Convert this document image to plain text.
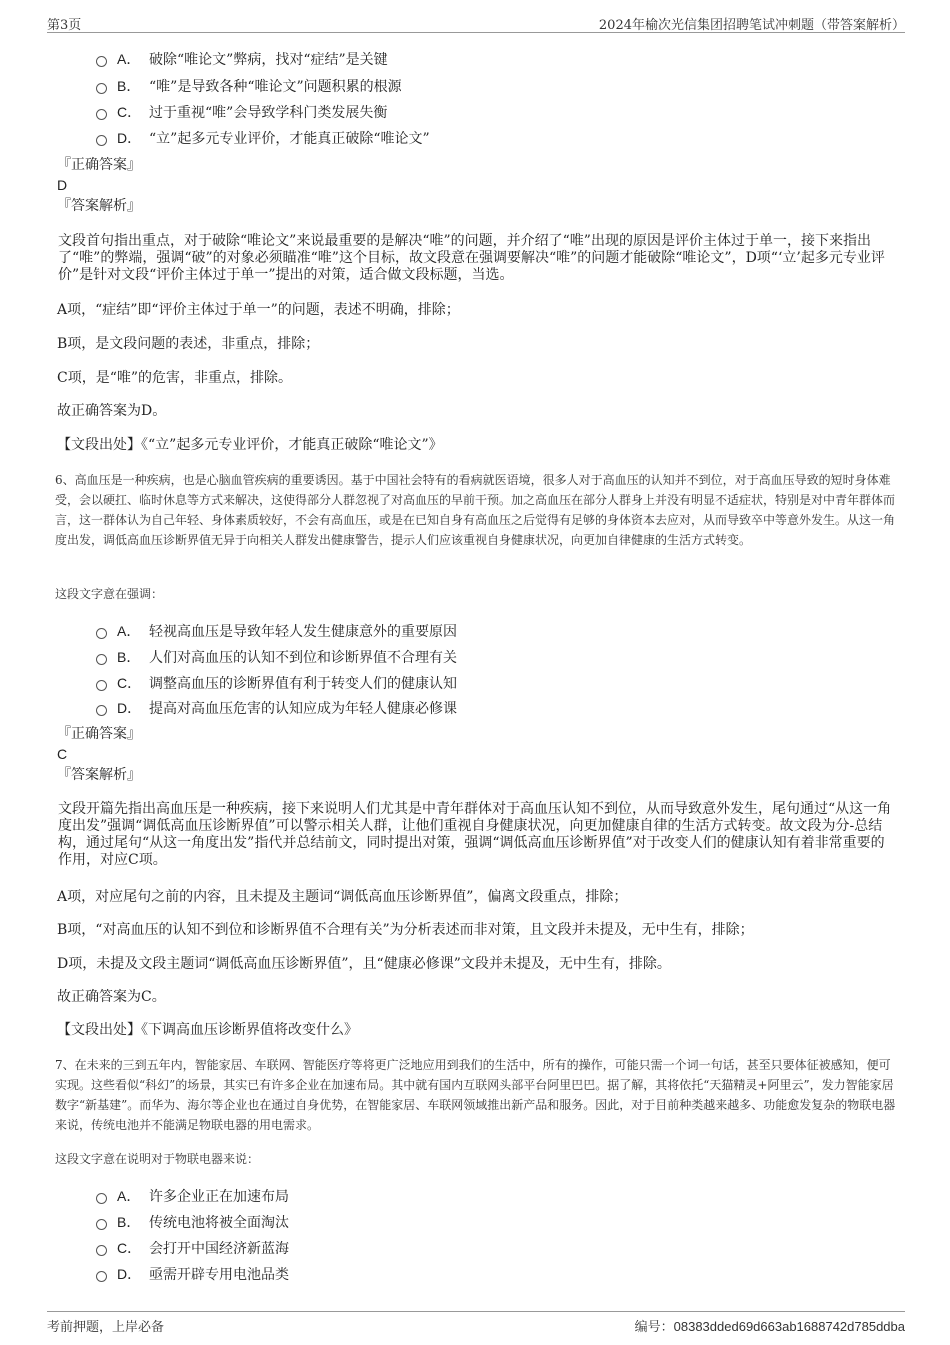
第3页	2024年榆次光信集团招聘笔试冲刺题（带答案解析）
A． 破除“唯论文”弊病，找对“症结”是关键
B． “唯”是导致各种“唯论文”问题积累的根源
C． 过于重视“唯”会导致学科门类发展失衡
D． “立”起多元专业评价，才能真正破除“唯论文”
『正确答案』
D
『答案解析』
文段首句指出重点，对于破除“唯论文”来说最重要的是解决“唯”的问题，并介绍了“唯”出现的原因是评价主体过于单一，接下来指出了“唯”的弊端，强调“破”的对象必须瞄准“唯”这个目标，故文段意在强调要解决“唯”的问题才能破除“唯论文”，D项“‘立’起多元专业评价”是针对文段“评价主体过于单一”提出的对策，适合做文段标题，当选。
A项，“症结”即“评价主体过于单一”的问题，表述不明确，排除；
B项，是文段问题的表述，非重点，排除；
C项，是“唯”的危害，非重点，排除。
故正确答案为D。
【文段出处】《“立”起多元专业评价，才能真正破除“唯论文”》
6、高血压是一种疾病，也是心脑血管疾病的重要诱因。基于中国社会特有的看病就医语境，很多人对于高血压的认知并不到位，对于高血压导致的短时身体难受，会以硬扛、临时休息等方式来解决，这使得部分人群忽视了对高血压的早前干预。加之高血压在部分人群身上并没有明显不适症状，特别是对中青年群体而言，这一群体认为自己年轻、身体素质较好，不会有高血压，或是在已知自身有高血压之后觉得有足够的身体资本去应对，从而导致卒中等意外发生。从这一角度出发，调低高血压诊断界值无异于向相关人群发出健康警告，提示人们应该重视自身健康状况，向更加自律健康的生活方式转变。
这段文字意在强调：
A． 轻视高血压是导致年轻人发生健康意外的重要原因
B． 人们对高血压的认知不到位和诊断界值不合理有关
C． 调整高血压的诊断界值有利于转变人们的健康认知
D． 提高对高血压危害的认知应成为年轻人健康必修课
『正确答案』
C
『答案解析』
文段开篇先指出高血压是一种疾病，接下来说明人们尤其是中青年群体对于高血压认知不到位，从而导致意外发生，尾句通过“从这一角度出发”强调“调低高血压诊断界值”可以警示相关人群，让他们重视自身健康状况，向更加健康自律的生活方式转变。故文段为分-总结构，通过尾句“从这一角度出发”指代并总结前文，同时提出对策，强调“调低高血压诊断界值”对于改变人们的健康认知有着非常重要的作用，对应C项。
A项，对应尾句之前的内容，且未提及主题词“调低高血压诊断界值”，偏离文段重点，排除；
B项，“对高血压的认知不到位和诊断界值不合理有关”为分析表述而非对策，且文段并未提及，无中生有，排除；
D项，未提及文段主题词“调低高血压诊断界值”，且“健康必修课”文段并未提及，无中生有，排除。
故正确答案为C。
【文段出处】《下调高血压诊断界值将改变什么》
7、在未来的三到五年内，智能家居、车联网、智能医疗等将更广泛地应用到我们的生活中，所有的操作，可能只需一个词一句话，甚至只要体征被感知，便可实现。这些看似“科幻”的场景，其实已有许多企业在加速布局。其中就有国内互联网头部平台阿里巴巴。据了解，其将依托“天猫精灵+阿里云”，发力智能家居数字“新基建”。而华为、海尔等企业也在通过自身优势，在智能家居、车联网领域推出新产品和服务。因此，对于目前种类越来越多、功能愈发复杂的物联电器来说，传统电池并不能满足物联电器的用电需求。
这段文字意在说明对于物联电器来说：
A． 许多企业正在加速布局
B． 传统电池将被全面淘汰
C． 会打开中国经济新蓝海
D． 亟需开辟专用电池品类
考前押题，上岸必备	编号：08383dded69d663ab1688742d785ddba
